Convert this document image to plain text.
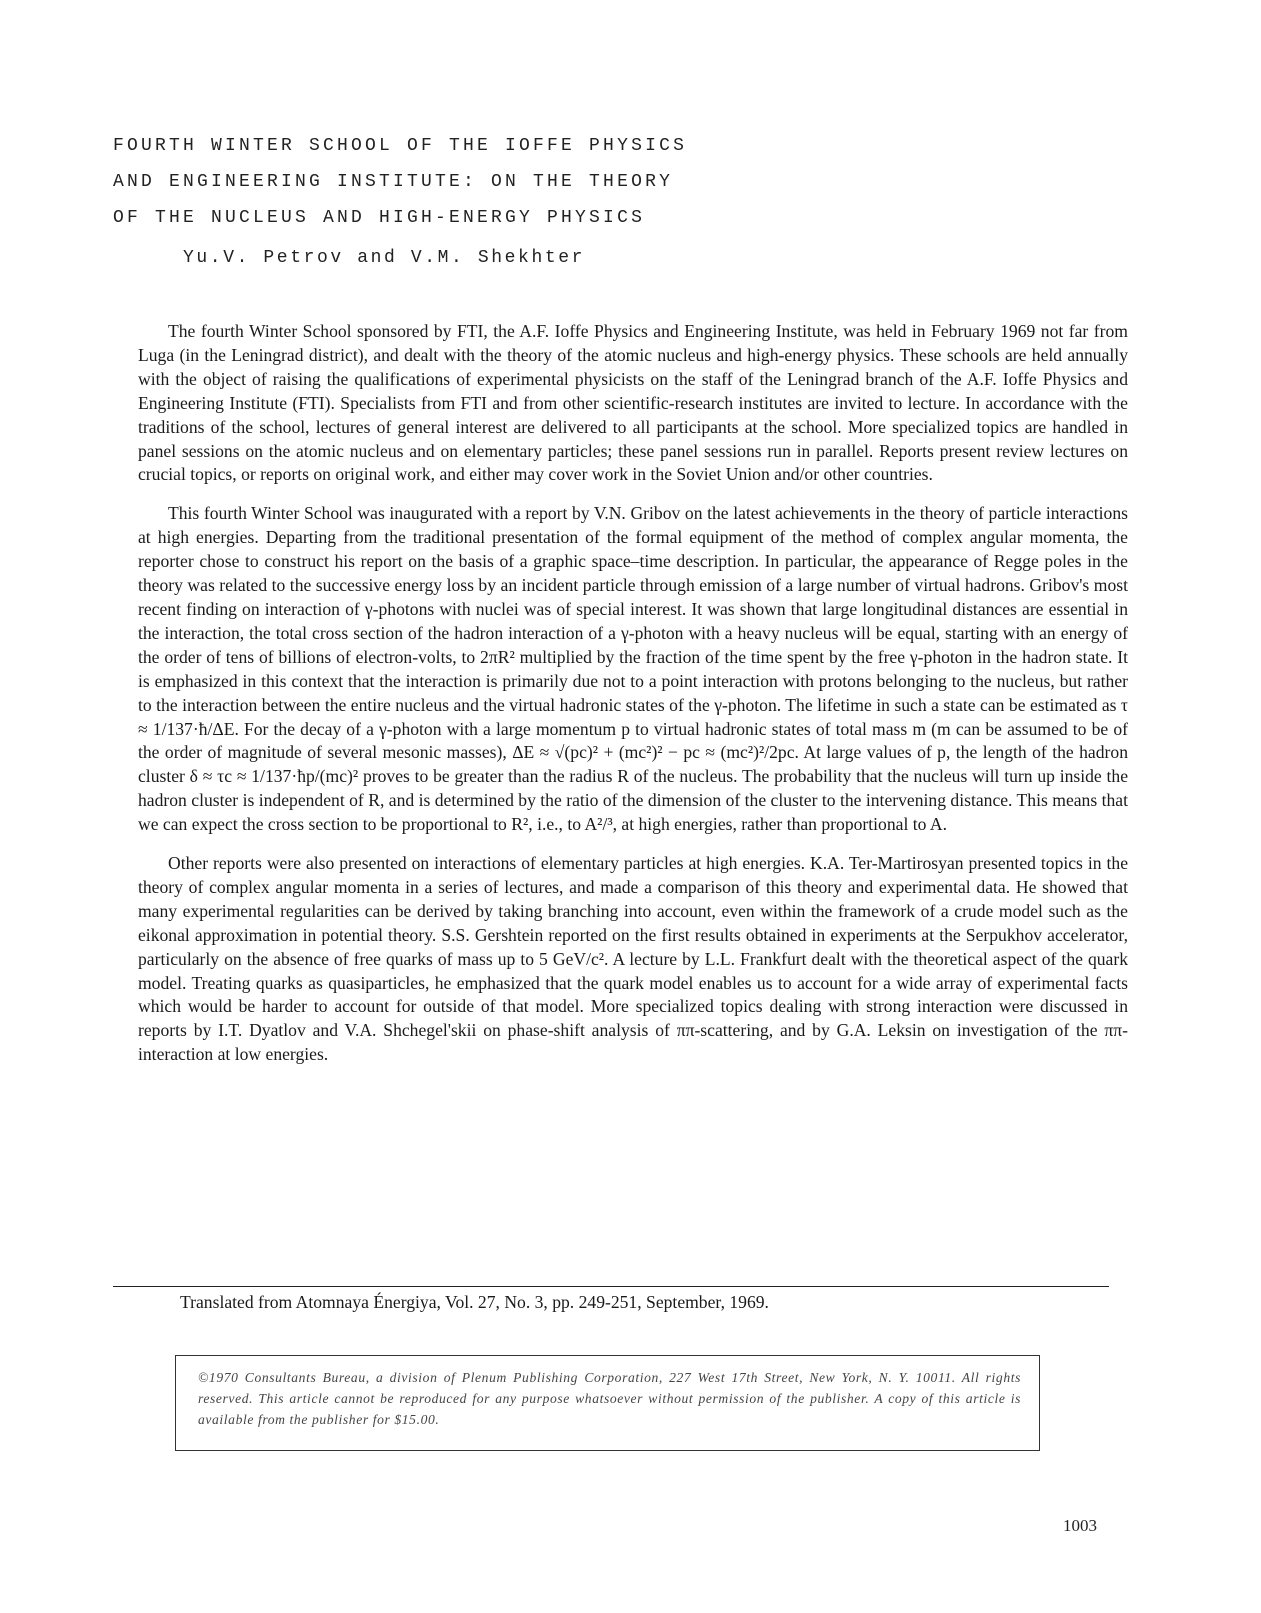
FOURTH WINTER SCHOOL OF THE IOFFE PHYSICS
AND ENGINEERING INSTITUTE: ON THE THEORY
OF THE NUCLEUS AND HIGH-ENERGY PHYSICS
Yu.V. Petrov and V.M. Shekhter

The fourth Winter School sponsored by FTI, the A.F. Ioffe Physics and Engineering Institute, was held in February 1969 not far from Luga (in the Leningrad district), and dealt with the theory of the atomic nucleus and high-energy physics. These schools are held annually with the object of raising the qualifications of experimental physicists on the staff of the Leningrad branch of the A.F. Ioffe Physics and Engineering Institute (FTI). Specialists from FTI and from other scientific-research institutes are invited to lecture. In accordance with the traditions of the school, lectures of general interest are delivered to all participants at the school. More specialized topics are handled in panel sessions on the atomic nucleus and on elementary particles; these panel sessions run in parallel. Reports present review lectures on crucial topics, or reports on original work, and either may cover work in the Soviet Union and/or other countries.

This fourth Winter School was inaugurated with a report by V.N. Gribov on the latest achievements in the theory of particle interactions at high energies. Departing from the traditional presentation of the formal equipment of the method of complex angular momenta, the reporter chose to construct his report on the basis of a graphic space–time description. In particular, the appearance of Regge poles in the theory was related to the successive energy loss by an incident particle through emission of a large number of virtual hadrons. Gribov's most recent finding on interaction of γ-photons with nuclei was of special interest. It was shown that large longitudinal distances are essential in the interaction, the total cross section of the hadron interaction of a γ-photon with a heavy nucleus will be equal, starting with an energy of the order of tens of billions of electron-volts, to 2πR² multiplied by the fraction of the time spent by the free γ-photon in the hadron state. It is emphasized in this context that the interaction is primarily due not to a point interaction with protons belonging to the nucleus, but rather to the interaction between the entire nucleus and the virtual hadronic states of the γ-photon. The lifetime in such a state can be estimated as τ ≈ 1/137·ħ/ΔE. For the decay of a γ-photon with a large momentum p to virtual hadronic states of total mass m (m can be assumed to be of the order of magnitude of several mesonic masses), ΔE ≈ √(pc)² + (mc²)² − pc ≈ (mc²)²/2pc. At large values of p, the length of the hadron cluster δ ≈ τc ≈ 1/137·ħp/(mc)² proves to be greater than the radius R of the nucleus. The probability that the nucleus will turn up inside the hadron cluster is independent of R, and is determined by the ratio of the dimension of the cluster to the intervening distance. This means that we can expect the cross section to be proportional to R², i.e., to A²/³, at high energies, rather than proportional to A.

Other reports were also presented on interactions of elementary particles at high energies. K.A. Ter-Martirosyan presented topics in the theory of complex angular momenta in a series of lectures, and made a comparison of this theory and experimental data. He showed that many experimental regularities can be derived by taking branching into account, even within the framework of a crude model such as the eikonal approximation in potential theory. S.S. Gershtein reported on the first results obtained in experiments at the Serpukhov accelerator, particularly on the absence of free quarks of mass up to 5 GeV/c². A lecture by L.L. Frankfurt dealt with the theoretical aspect of the quark model. Treating quarks as quasiparticles, he emphasized that the quark model enables us to account for a wide array of experimental facts which would be harder to account for outside of that model. More specialized topics dealing with strong interaction were discussed in reports by I.T. Dyatlov and V.A. Shchegel'skii on phase-shift analysis of ππ-scattering, and by G.A. Leksin on investigation of the ππ-interaction at low energies.

Translated from Atomnaya Énergiya, Vol. 27, No. 3, pp. 249-251, September, 1969.
©1970 Consultants Bureau, a division of Plenum Publishing Corporation, 227 West 17th Street, New York, N. Y. 10011. All rights reserved. This article cannot be reproduced for any purpose whatsoever without permission of the publisher. A copy of this article is available from the publisher for $15.00.
1003
